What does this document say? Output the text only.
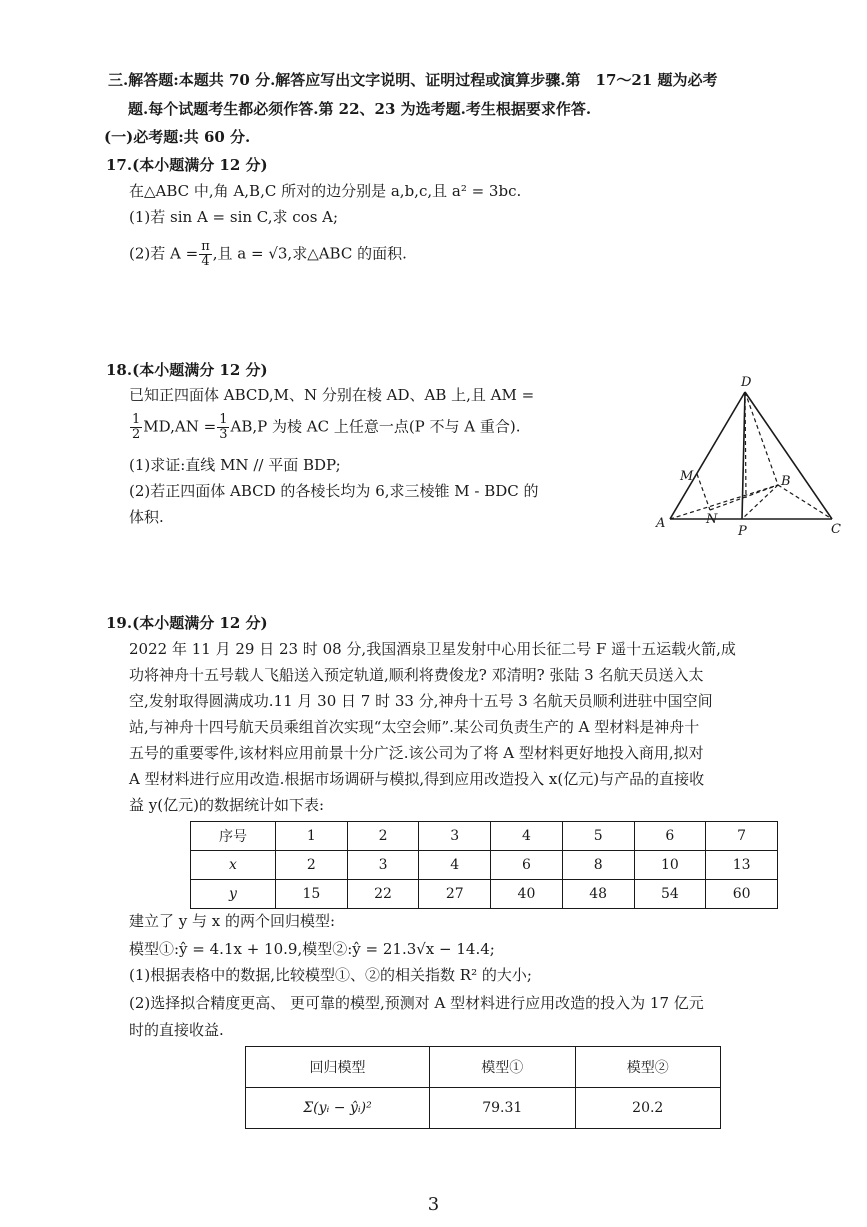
三.解答题:本题共 70 分.解答应写出文字说明、证明过程或演算步骤.第　17～21 题为必考
题.每个试题考生都必须作答.第 22、23 为选考题.考生根据要求作答.
(一)必考题:共 60 分.
17.(本小题满分 12 分)
在△ABC 中,角 A,B,C 所对的边分别是 a,b,c,且 a² = 3bc.
(1)若 sin A = sin C,求 cos A;
(2)若 $A = \frac{\pi}{4}$ ,且 a = √3,求△ABC 的面积.
18.(本小题满分 12 分)
已知正四面体 ABCD,M、N 分别在棱 AD、AB 上,且 AM =
$\frac{1}{2} MD,AN = \frac{1}{3} AB,P$ 为棱 AC 上任意一点(P 不与 A 重合).
(1)求证:直线 MN // 平面 BDP;
(2)若正四面体 ABCD 的各棱长均为 6,求三棱锥 M - BDC 的
体积.
D
M	B
N
A
P	C
19.(本小题满分 12 分)
2022 年 11 月 29 日 23 时 08 分,我国酒泉卫星发射中心用长征二号 F 遥十五运载火箭,成
功将神舟十五号载人飞船送入预定轨道,顺利将费俊龙? 邓清明? 张陆 3 名航天员送入太
空,发射取得圆满成功.11 月 30 日 7 时 33 分,神舟十五号 3 名航天员顺利进驻中国空间
站,与神舟十四号航天员乘组首次实现“太空会师”.某公司负责生产的 A 型材料是神舟十
五号的重要零件,该材料应用前景十分广泛.该公司为了将 A 型材料更好地投入商用,拟对
A 型材料进行应用改造.根据市场调研与模拟,得到应用改造投入 x(亿元)与产品的直接收
益 y(亿元)的数据统计如下表:
序号	1	2	3	4	5	6	7
x	2	3	4	6	8	10	13
y	15	22	27	40	48	54	60
建立了 y 与 x 的两个回归模型:
模型①:ŷ = 4.1x + 10.9,模型②:ŷ = 21.3√x − 14.4;
(1)根据表格中的数据,比较模型①、②的相关指数 R² 的大小;
(2)选择拟合精度更高、 更可靠的模型,预测对 A 型材料进行应用改造的投入为 17 亿元
时的直接收益.
回归模型	模型①	模型②
Σ(yᵢ − ŷᵢ)²	79.31	20.2
3
